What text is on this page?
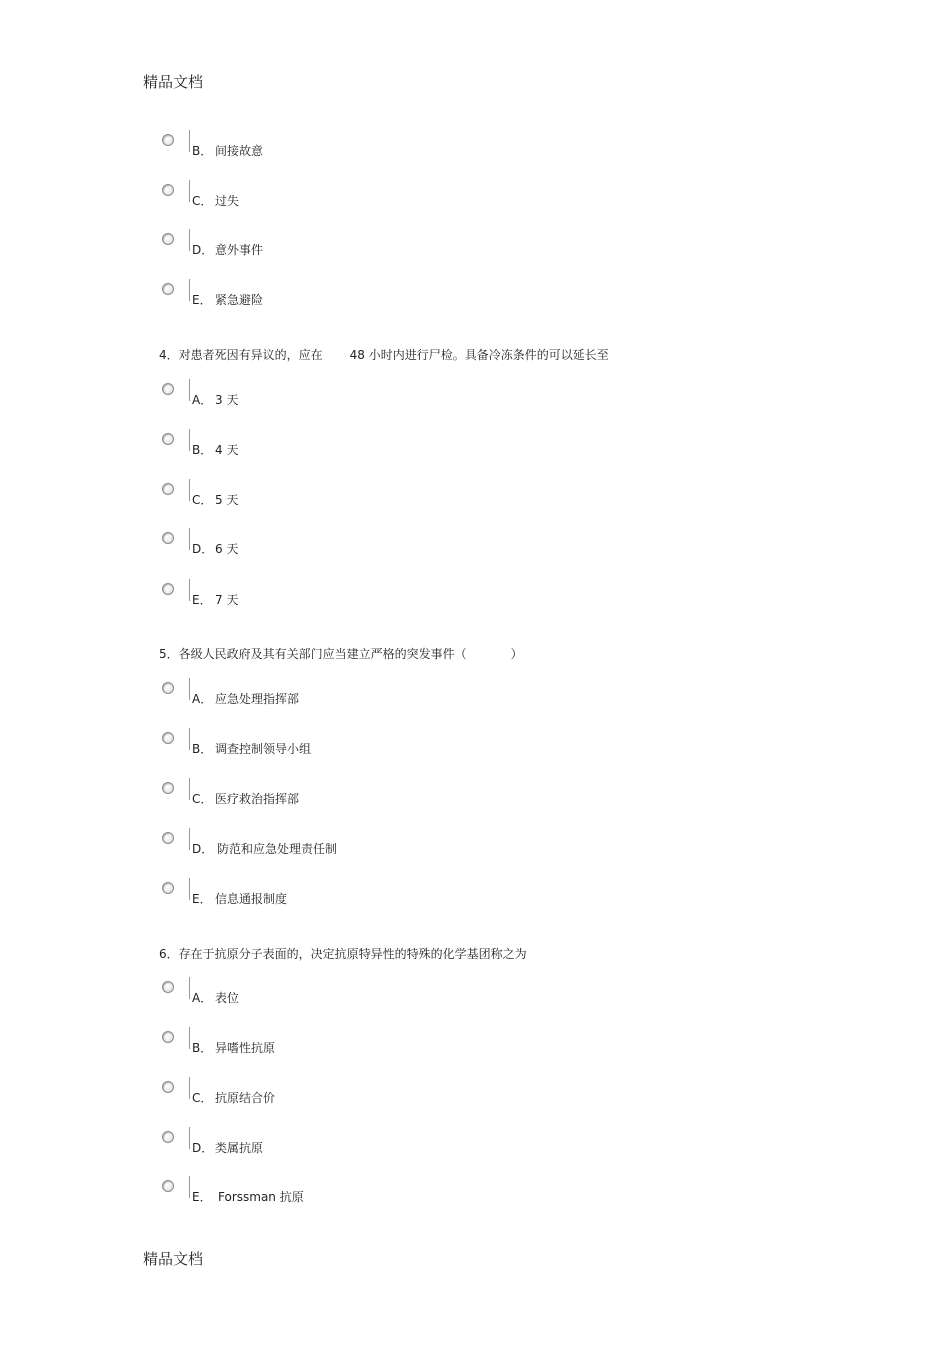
精品文档
B． 间接故意
C． 过失
D． 意外事件
E． 紧急避险
4．对患者死因有异议的，应在 48 小时内进行尸检。具备冷冻条件的可以延长至
A． 3 天
B． 4 天
C． 5 天
D． 6 天
E． 7 天
5．各级人民政府及其有关部门应当建立严格的突发事件（	）
A． 应急处理指挥部
B． 调查控制领导小组
C． 医疗救治指挥部
D． 防范和应急处理责任制
E． 信息通报制度
6．存在于抗原分子表面的，决定抗原特异性的特殊的化学基团称之为
A． 表位
B． 异嗜性抗原
C． 抗原结合价
D． 类属抗原
E． Forssman 抗原
精品文档
